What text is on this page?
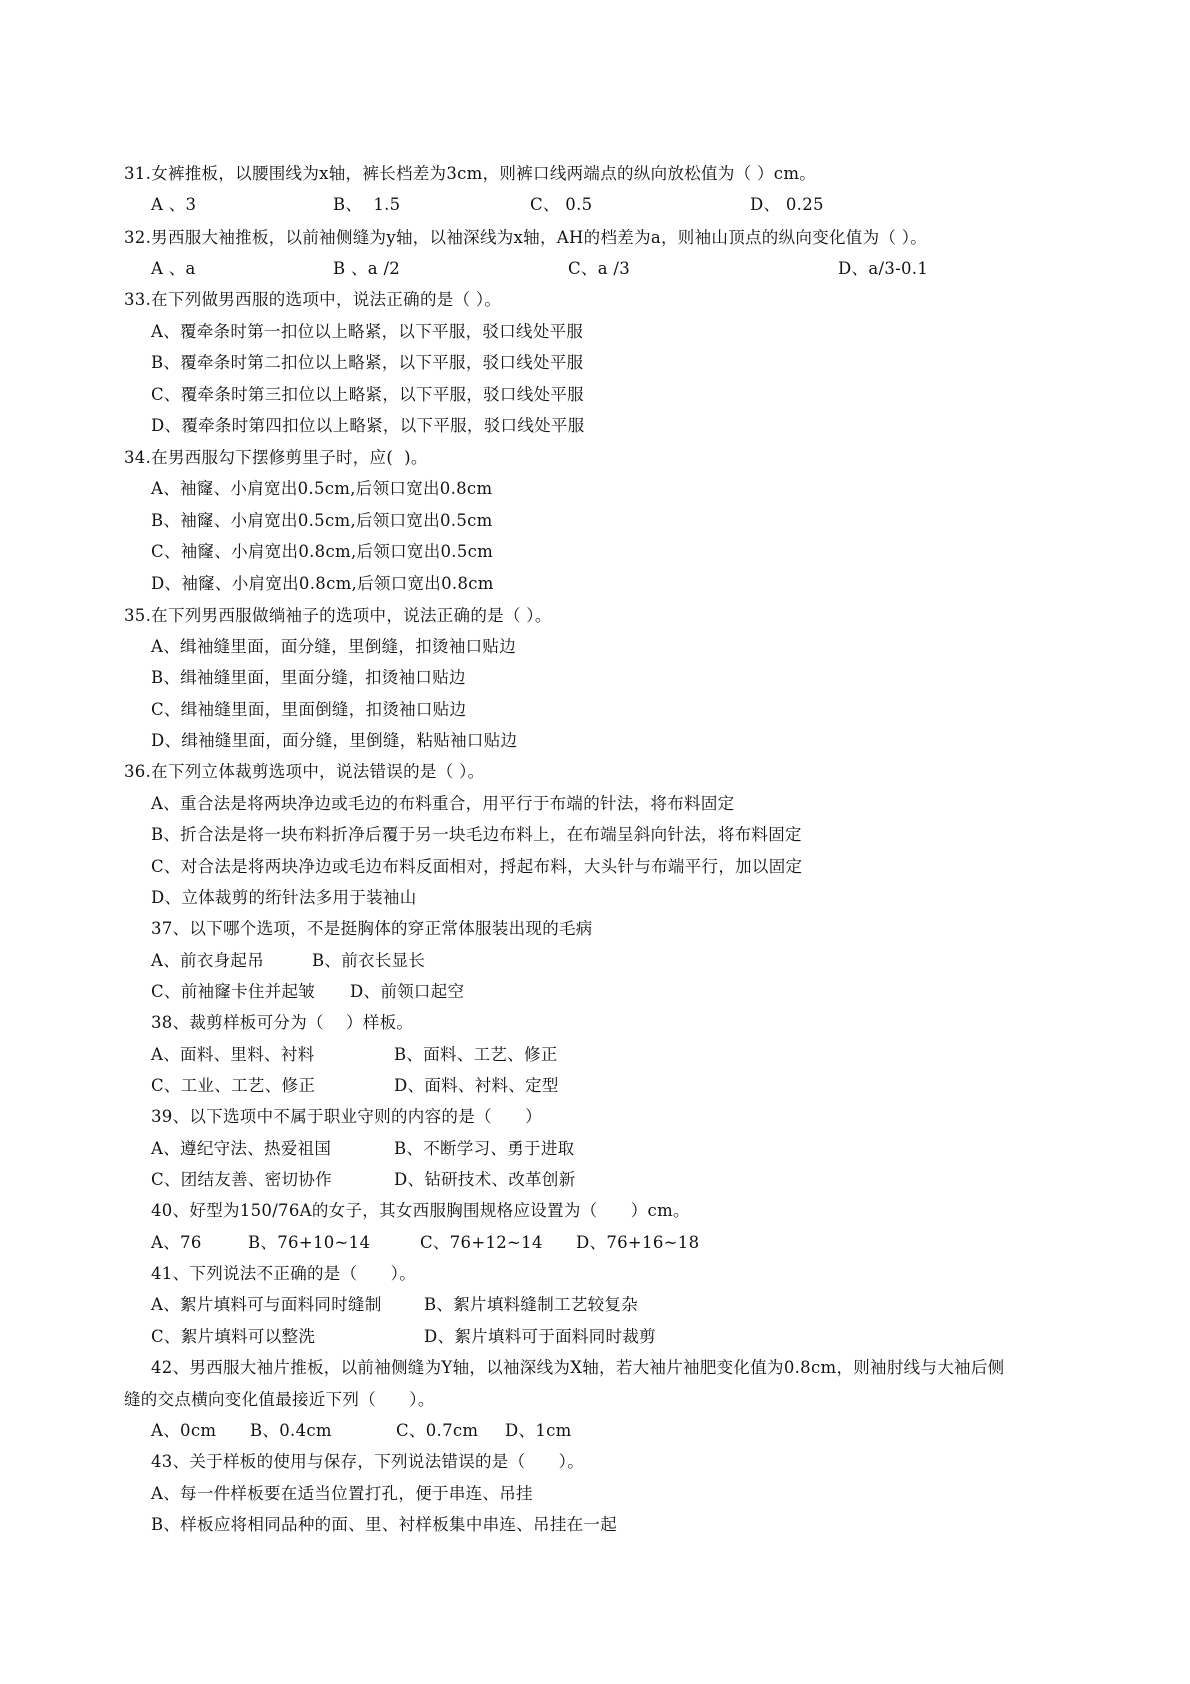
31.女裤推板，以腰围线为x轴，裤长档差为3cm，则裤口线两端点的纵向放松值为（ ）cm。
A 、3	B、  1.5	C、 0.5	D、 0.25
32.男西服大袖推板，以前袖侧缝为y轴，以袖深线为x轴，AH的档差为a，则袖山顶点的纵向变化值为（ ）。
A 、a	B 、a /2	C、a /3	D、a/3-0.1
33.在下列做男西服的选项中，说法正确的是（ ）。
A、覆牵条时第一扣位以上略紧，以下平服，驳口线处平服
B、覆牵条时第二扣位以上略紧，以下平服，驳口线处平服
C、覆牵条时第三扣位以上略紧，以下平服，驳口线处平服
D、覆牵条时第四扣位以上略紧，以下平服，驳口线处平服
34.在男西服勾下摆修剪里子时，应(  )。
A、袖窿、小肩宽出0.5cm,后领口宽出0.8cm
B、袖窿、小肩宽出0.5cm,后领口宽出0.5cm
C、袖窿、小肩宽出0.8cm,后领口宽出0.5cm
D、袖窿、小肩宽出0.8cm,后领口宽出0.8cm
35.在下列男西服做绱袖子的选项中，说法正确的是（ ）。
A、缉袖缝里面，面分缝，里倒缝，扣烫袖口贴边
B、缉袖缝里面，里面分缝，扣烫袖口贴边
C、缉袖缝里面，里面倒缝，扣烫袖口贴边
D、缉袖缝里面，面分缝，里倒缝，粘贴袖口贴边
36.在下列立体裁剪选项中，说法错误的是（ ）。
A、重合法是将两块净边或毛边的布料重合，用平行于布端的针法，将布料固定
B、折合法是将一块布料折净后覆于另一块毛边布料上，在布端呈斜向针法，将布料固定
C、对合法是将两块净边或毛边布料反面相对，捋起布料，大头针与布端平行，加以固定
D、立体裁剪的绗针法多用于装袖山
37、以下哪个选项，不是挺胸体的穿正常体服装出现的毛病
A、前衣身起吊	B、前衣长显长
C、前袖窿卡住并起皱 D、前领口起空
38、裁剪样板可分为（    ）样板。
A、面料、里料、衬料	B、面料、工艺、修正
C、工业、工艺、修正	D、面料、衬料、定型
39、以下选项中不属于职业守则的内容的是（      ）
A、遵纪守法、热爱祖国	B、不断学习、勇于进取
C、团结友善、密切协作	D、钻研技术、改革创新
40、好型为150/76A的女子，其女西服胸围规格应设置为（      ）cm。
A、76	B、76+10~14	C、76+12~14 D、76+16~18
41、下列说法不正确的是（      ）。
A、絮片填料可与面料同时缝制	B、絮片填料缝制工艺较复杂
C、絮片填料可以整洗	D、絮片填料可于面料同时裁剪
42、男西服大袖片推板，以前袖侧缝为Y轴，以袖深线为X轴，若大袖片袖肥变化值为0.8cm，则袖肘线与大袖后侧
缝的交点横向变化值最接近下列（      ）。
A、0cm B、0.4cm	C、0.7cm D、1cm
43、关于样板的使用与保存，下列说法错误的是（      ）。
A、每一件样板要在适当位置打孔，便于串连、吊挂
B、样板应将相同品种的面、里、衬样板集中串连、吊挂在一起
